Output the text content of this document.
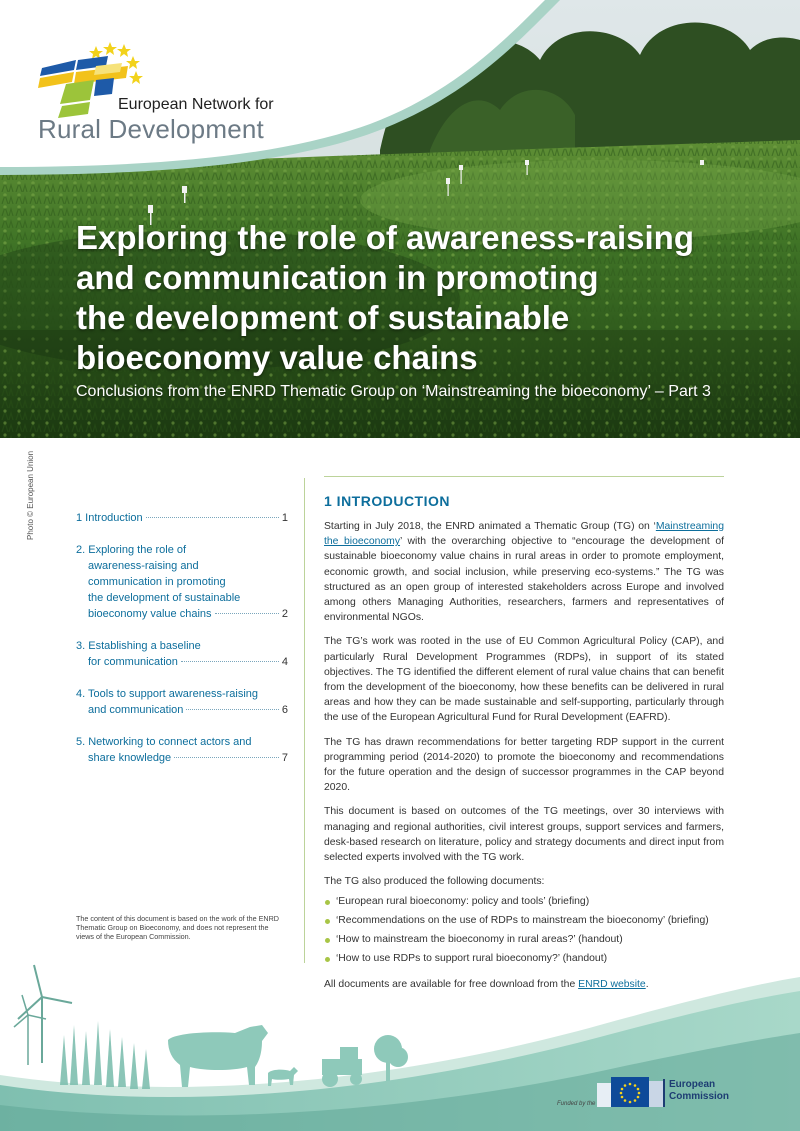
European Network for
Rural Development
Exploring the role of awareness-raising
and communication in promoting
the development of sustainable
bioeconomy value chains
Conclusions from the ENRD Thematic Group on ‘Mainstreaming the bioeconomy’ – Part 3
Photo © European Union	1 Introduction	1
2. Exploring the role of
awareness-raising and
communication in promoting
the development of sustainable
bioeconomy value chains	2
3. Establishing a baseline
for communication	4
4. Tools to support awareness-raising
and communication	6
5. Networking to connect actors and
share knowledge	7

The content of this document is based on the work of the ENRD Thematic Group on Bioeconomy, and does not represent the views of the European Commission.

1 INTRODUCTION

Starting in July 2018, the ENRD animated a Thematic Group (TG) on ‘Mainstreaming the bioeconomy’ with the overarching objective to “encourage the development of sustainable bioeconomy value chains in rural areas in order to promote employment, economic growth, and social inclusion, while preserving eco-systems.” The TG was structured as an open group of interested stakeholders across Europe and involved among others Managing Authorities, researchers, farmers and representatives of environmental NGOs.

The TG’s work was rooted in the use of EU Common Agricultural Policy (CAP), and particularly Rural Development Programmes (RDPs), in support of its stated objectives. The TG identified the different element of rural value chains that can benefit from the development of the bioeconomy, how these benefits can be delivered in rural areas and how they can be made sustainable and self-supporting, particularly through the use of the European Agricultural Fund for Rural Development (EAFRD).

The TG has drawn recommendations for better targeting RDP support in the current programming period (2014-2020) to promote the bioeconomy and recommendations for the future operation and the design of successor programmes in the CAP beyond 2020.

This document is based on outcomes of the TG meetings, over 30 interviews with managing and regional authorities, civil interest groups, support services and farmers, desk-based research on literature, policy and strategy documents and direct input from selected experts involved with the TG work.

The TG also produced the following documents:

‘European rural bioeconomy: policy and tools’ (briefing)
‘Recommendations on the use of RDPs to mainstream the bioeconomy’ (briefing)
‘How to mainstream the bioeconomy in rural areas?’ (handout)
‘How to use RDPs to support rural bioeconomy?’ (handout)

All documents are available for free download from the ENRD website.

Funded by the
European
Commission
